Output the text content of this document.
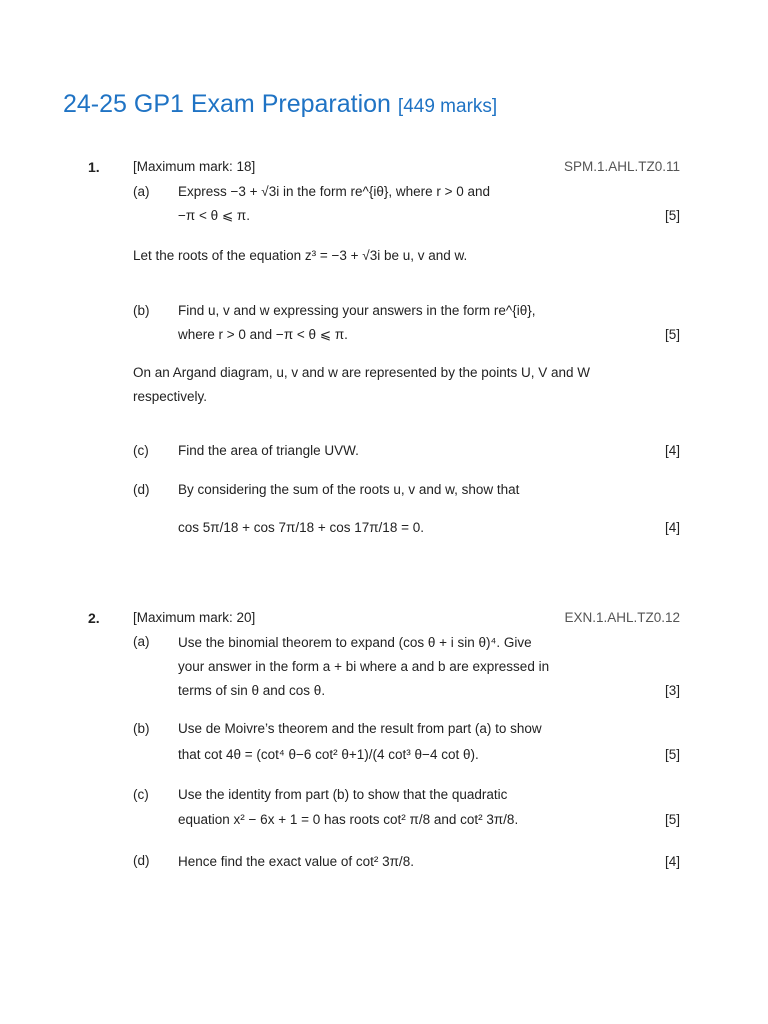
24-25 GP1 Exam Preparation [449 marks]
1. [Maximum mark: 18]	SPM.1.AHL.TZ0.11
(a) Express −3 + √3i in the form re^{iθ}, where r > 0 and
−π < θ ⩽ π.	[5]
Let the roots of the equation z³ = −3 + √3i be u, v and w.
(b) Find u, v and w expressing your answers in the form re^{iθ},
where r > 0 and −π < θ ⩽ π.	[5]
On an Argand diagram, u, v and w are represented by the points U, V and W
respectively.
(c) Find the area of triangle UVW.	[4]
(d) By considering the sum of the roots u, v and w, show that
cos 5π/18 + cos 7π/18 + cos 17π/18 = 0.	[4]
2. [Maximum mark: 20]	EXN.1.AHL.TZ0.12
(a) Use the binomial theorem to expand (cos θ + i sin θ)⁴. Give
your answer in the form a + bi where a and b are expressed in
terms of sin θ and cos θ.	[3]
(b) Use de Moivre’s theorem and the result from part (a) to show
that cot 4θ = (cot⁴ θ−6 cot² θ+1)/(4 cot³ θ−4 cot θ).	[5]
(c) Use the identity from part (b) to show that the quadratic
equation x² − 6x + 1 = 0 has roots cot² π/8 and cot² 3π/8.	[5]
(d) Hence find the exact value of cot² 3π/8.	[4]
